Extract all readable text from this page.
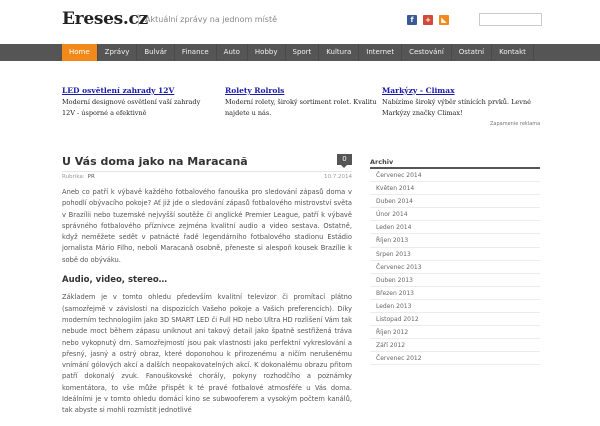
Ereses.cz
Aktuální zprávy na jednom místě	f	+	◣
Home	Zprávy	Bulvár	Finance	Auto	Hobby	Sport	Kultura	Internet	Cestování	Ostatní	Kontakt
LED osvětlení zahrady 12V
Moderní designové osvětlení vaší zahrady 12V - úsporné a efektivně
Rolety Rolrols
Moderní rolety, široký sortiment rolet. Kvalitu najdete u nás.
Markýzy - Climax
Nabízíme široký výběr stínících prvků. Levné Markýzy značky Climax!
Zapamenie reklama
U Vás doma jako na Maracanã	0
Rubrika: PR	10.7.2014

Aneb co patří k výbavě každého fotbalového fanouška pro sledování zápasů doma v pohodlí obývacího pokoje? Ať již jde o sledování zápasů fotbalového mistrovství světa v Brazílii nebo tuzemské nejvyšší soutěže či anglické Premier League, patří k výbavě správného fotbalového příznivce zejména kvalitní audio a video sestava. Ostatně, když neměžete sedět v patnácté řadě legendárního fotbalového stadionu Estádio jornalista Mário Filho, neboli Maracanã osobně, přeneste si alespoň kousek Brazílie k sobě do obýváku.

Audio, video, stereo…

Základem je v tomto ohledu především kvalitní televizor či promítací plátno (samozřejmě v závislosti na dispozicích Vašeho pokoje a Vašich preferencích). Díky moderním technologiím jako 3D SMART LED či Full HD nebo Ultra HD rozlišení Vám tak nebude moct během zápasu uniknout ani takový detail jako špatně sestřižená tráva nebo vykopnutý drn. Samozřejmostí jsou pak vlastnosti jako perfektní vykreslování a přesný, jasný a ostrý obraz, které doponohou k přirozenému a ničím nerušenému vnímání gólových akcí a dalších neopakovatelných akcí. K dokonalému obrazu přitom patří dokonalý zvuk. Fanouškovské chorály, pokyny rozhodčího a poznámky komentátora, to vše může přispět k té pravé fotbalové atmosféře u Vás doma. Ideálními je v tomto ohledu domácí kino se subwooferem a vysokým počtem kanálů, tak abyste si mohli rozmístit jednotlivé

Archiv
Červenec 2014
Květen 2014
Duben 2014
Únor 2014
Leden 2014
Říjen 2013
Srpen 2013
Červenec 2013
Duben 2013
Březen 2013
Leden 2013
Listopad 2012
Říjen 2012
Září 2012
Červenec 2012
